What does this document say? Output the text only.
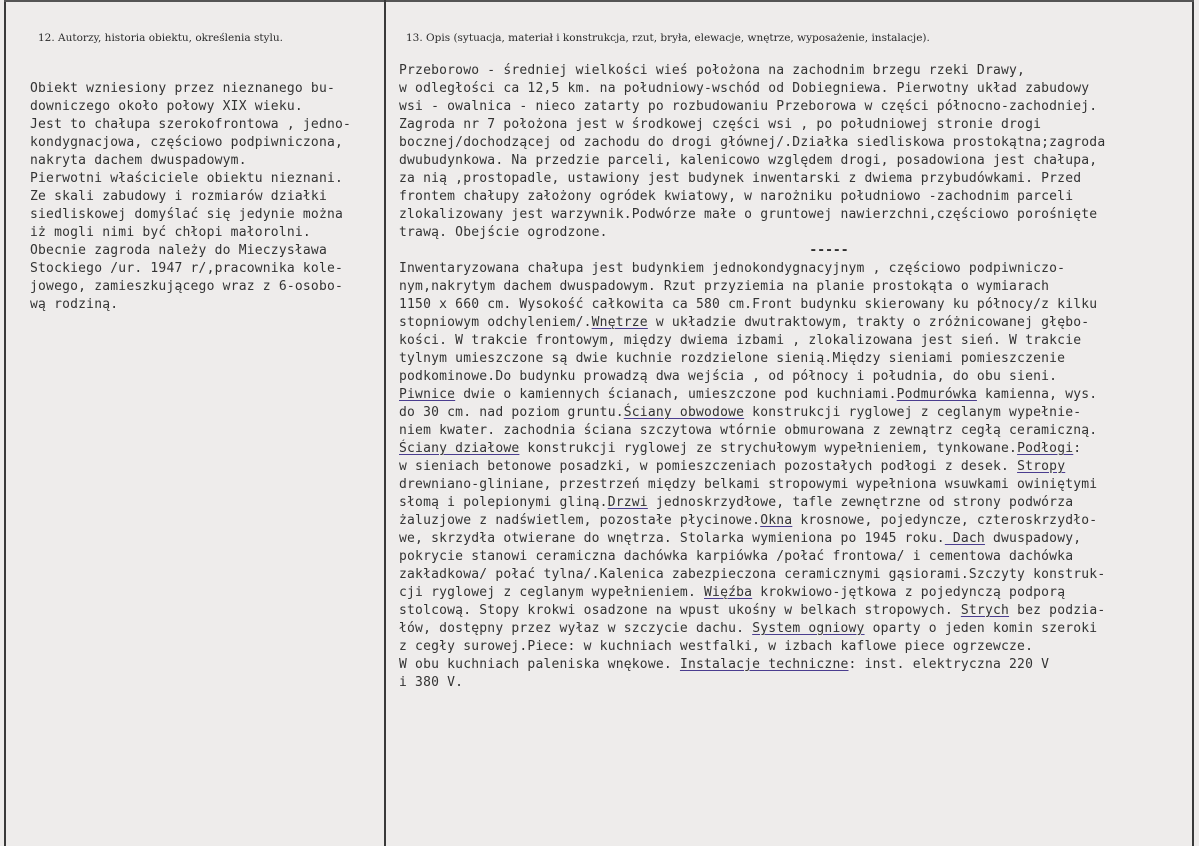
12. Autorzy, historia obiektu, określenia stylu.	13. Opis (sytuacja, materiał i konstrukcja, rzut, bryła, elewacje, wnętrze, wyposażenie, instalacje).
Obiekt wzniesiony przez nieznanego bu-
downiczego około połowy XIX wieku.
Jest to chałupa szerokofrontowa , jedno-
kondygnacjowa, częściowo podpiwniczona,
nakryta dachem dwuspadowym.
Pierwotni właściciele obiektu nieznani.
Ze skali zabudowy i rozmiarów działki
siedliskowej domyślać się jedynie można
iż mogli nimi być chłopi małorolni.
Obecnie zagroda należy do Mieczysława
Stockiego /ur. 1947 r/,pracownika kole-
jowego, zamieszkującego wraz z 6-osobo-
wą rodziną.
Przeborowo - średniej wielkości wieś położona na zachodnim brzegu rzeki Drawy,
w odległości ca 12,5 km. na południowy-wschód od Dobiegniewa. Pierwotny układ zabudowy
wsi - owalnica - nieco zatarty po rozbudowaniu Przeborowa w części północno-zachodniej.
Zagroda nr 7 położona jest w środkowej części wsi , po południowej stronie drogi
bocznej/dochodzącej od zachodu do drogi głównej/.Działka siedliskowa prostokątna;zagroda
dwubudynkowa. Na przedzie parceli, kalenicowo względem drogi, posadowiona jest chałupa,
za nią ,prostopadle, ustawiony jest budynek inwentarski z dwiema przybudówkami. Przed
frontem chałupy założony ogródek kwiatowy, w narożniku południowo -zachodnim parceli
zlokalizowany jest warzywnik.Podwórze małe o gruntowej nawierzchni,częściowo porośnięte
trawą. Obejście ogrodzone.
-----
Inwentaryzowana chałupa jest budynkiem jednokondygnacyjnym , częściowo podpiwniczo-
nym,nakrytym dachem dwuspadowym. Rzut przyziemia na planie prostokąta o wymiarach
1150 x 660 cm. Wysokość całkowita ca 580 cm.Front budynku skierowany ku północy/z kilku
stopniowym odchyleniem/.Wnętrze w układzie dwutraktowym, trakty o zróżnicowanej głębo-
kości. W trakcie frontowym, między dwiema izbami , zlokalizowana jest sień. W trakcie
tylnym umieszczone są dwie kuchnie rozdzielone sienią.Między sieniami pomieszczenie
podkominowe.Do budynku prowadzą dwa wejścia , od północy i południa, do obu sieni.
Piwnice dwie o kamiennych ścianach, umieszczone pod kuchniami.Podmurówka kamienna, wys.
do 30 cm. nad poziom gruntu.Ściany obwodowe konstrukcji ryglowej z ceglanym wypełnie-
niem kwater. zachodnia ściana szczytowa wtórnie obmurowana z zewnątrz cegłą ceramiczną.
Ściany działowe konstrukcji ryglowej ze strychułowym wypełnieniem, tynkowane.Podłogi:
w sieniach betonowe posadzki, w pomieszczeniach pozostałych podłogi z desek. Stropy
drewniano-gliniane, przestrzeń między belkami stropowymi wypełniona wsuwkami owiniętymi
słomą i polepionymi gliną.Drzwi jednoskrzydłowe, tafle zewnętrzne od strony podwórza
żaluzjowe z nadświetlem, pozostałe płycinowe.Okna krosnowe, pojedyncze, czteroskrzydło-
we, skrzydła otwierane do wnętrza. Stolarka wymieniona po 1945 roku. Dach dwuspadowy,
pokrycie stanowi ceramiczna dachówka karpiówka /połać frontowa/ i cementowa dachówka
zakładkowa/ połać tylna/.Kalenica zabezpieczona ceramicznymi gąsiorami.Szczyty konstruk-
cji ryglowej z ceglanym wypełnieniem. Więźba krokwiowo-jętkowa z pojedynczą podporą
stolcową. Stopy krokwi osadzone na wpust ukośny w belkach stropowych. Strych bez podzia-
łów, dostępny przez wyłaz w szczycie dachu. System ogniowy oparty o jeden komin szeroki
z cegły surowej.Piece: w kuchniach westfalki, w izbach kaflowe piece ogrzewcze.
W obu kuchniach paleniska wnękowe. Instalacje techniczne: inst. elektryczna 220 V
i 380 V.
